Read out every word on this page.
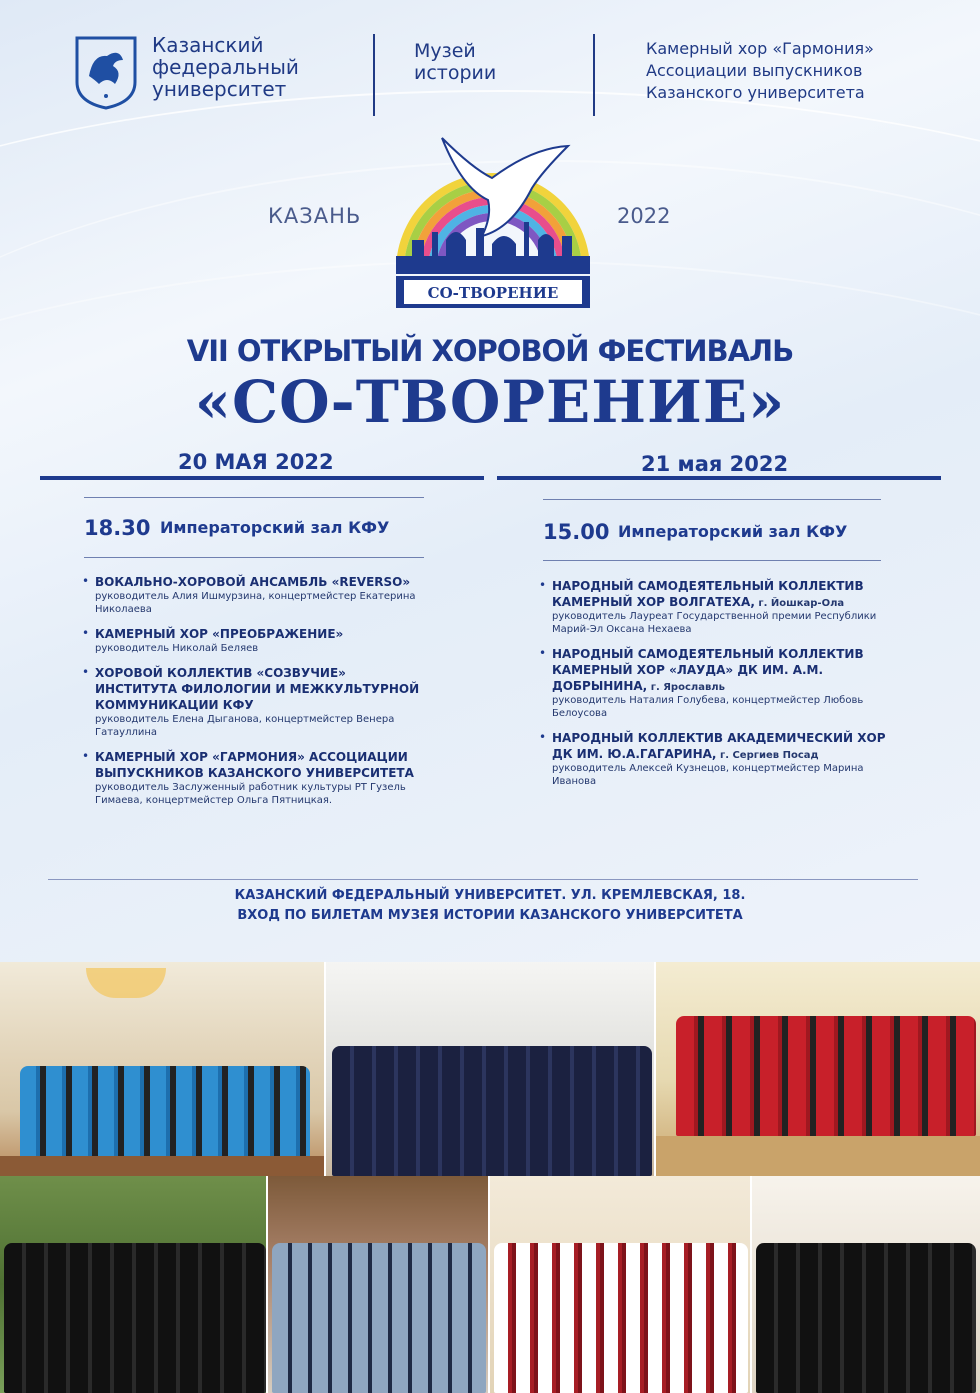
Казанский
федеральный
университет
Музей
истории
Камерный хор «Гармония»
Ассоциации выпускников
Казанского университета
КАЗАНЬ	2022
СО-ТВОРЕНИЕ
VII ОТКРЫТЫЙ ХОРОВОЙ ФЕСТИВАЛЬ
«СО-ТВОРЕНИЕ»
20 МАЯ 2022	21 мая 2022
18.30 Императорский зал КФУ
• ВОКАЛЬНО-ХОРОВОЙ АНСАМБЛЬ «REVERSO»
руководитель Алия Ишмурзина, концертмейстер Екатерина Николаева
• КАМЕРНЫЙ ХОР «ПРЕОБРАЖЕНИЕ»
руководитель Николай Беляев
• ХОРОВОЙ КОЛЛЕКТИВ «СОЗВУЧИЕ» ИНСТИТУТА ФИЛОЛОГИИ И МЕЖКУЛЬТУРНОЙ КОММУНИКАЦИИ КФУ
руководитель Елена Дыганова, концертмейстер Венера Гатауллина
• КАМЕРНЫЙ ХОР «ГАРМОНИЯ» АССОЦИАЦИИ ВЫПУСКНИКОВ КАЗАНСКОГО УНИВЕРСИТЕТА
руководитель Заслуженный работник культуры РТ Гузель Гимаева, концертмейстер Ольга Пятницкая.
15.00 Императорский зал КФУ
• НАРОДНЫЙ САМОДЕЯТЕЛЬНЫЙ КОЛЛЕКТИВ КАМЕРНЫЙ ХОР ВОЛГАТЕХА, г. Йошкар-Ола
руководитель Лауреат Государственной премии Республики Марий-Эл Оксана Нехаева
• НАРОДНЫЙ САМОДЕЯТЕЛЬНЫЙ КОЛЛЕКТИВ КАМЕРНЫЙ ХОР «ЛАУДА» ДК ИМ. А.М. ДОБРЫНИНА, г. Ярославль
руководитель Наталия Голубева, концертмейстер Любовь Белоусова
• НАРОДНЫЙ КОЛЛЕКТИВ АКАДЕМИЧЕСКИЙ ХОР ДК ИМ. Ю.А.ГАГАРИНА, г. Сергиев Посад
руководитель Алексей Кузнецов, концертмейстер Марина Иванова
КАЗАНСКИЙ ФЕДЕРАЛЬНЫЙ УНИВЕРСИТЕТ. УЛ. КРЕМЛЕВСКАЯ, 18.
ВХОД ПО БИЛЕТАМ МУЗЕЯ ИСТОРИИ КАЗАНСКОГО УНИВЕРСИТЕТА
